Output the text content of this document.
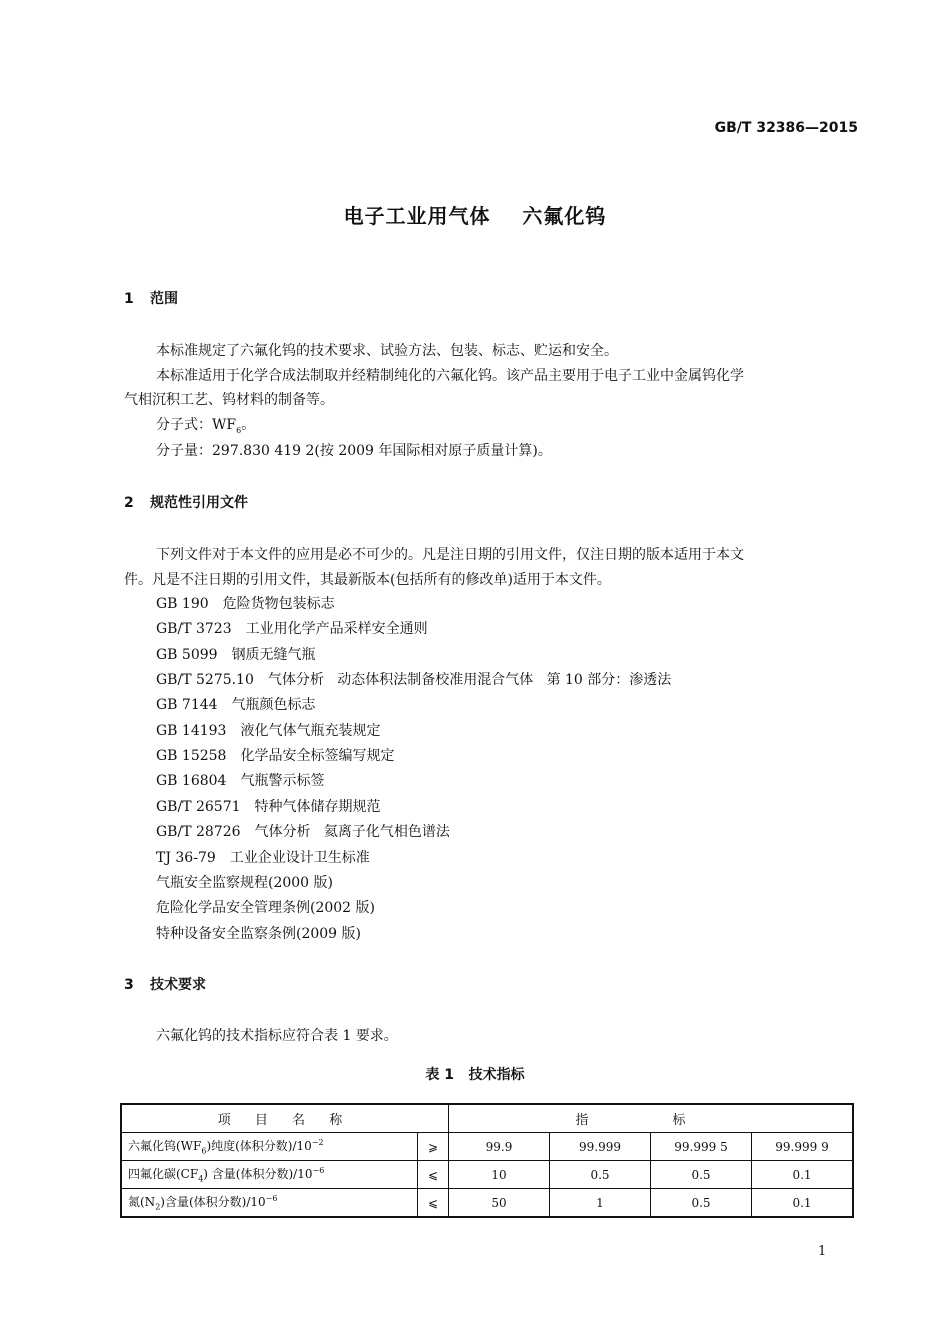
GB/T 32386—2015
电子工业用气体    六氟化钨
1 范围
本标准规定了六氟化钨的技术要求、试验方法、包装、标志、贮运和安全。
本标准适用于化学合成法制取并经精制纯化的六氟化钨。该产品主要用于电子工业中金属钨化学
气相沉积工艺、钨材料的制备等。
分子式：$WF_6$。
分子量：297.830 419 2(按 2009 年国际相对原子质量计算)。
2 规范性引用文件
下列文件对于本文件的应用是必不可少的。凡是注日期的引用文件，仅注日期的版本适用于本文
件。凡是不注日期的引用文件，其最新版本(包括所有的修改单)适用于本文件。
GB 190 危险货物包装标志
GB/T 3723 工业用化学产品采样安全通则
GB 5099 钢质无缝气瓶
GB/T 5275.10 气体分析   动态体积法制备校准用混合气体   第 10 部分：渗透法
GB 7144 气瓶颜色标志
GB 14193 液化气体气瓶充装规定
GB 15258 化学品安全标签编写规定
GB 16804 气瓶警示标签
GB/T 26571 特种气体储存期规范
GB/T 28726 气体分析   氦离子化气相色谱法
TJ 36-79 工业企业设计卫生标准
气瓶安全监察规程(2000 版)
危险化学品安全管理条例(2002 版)
特种设备安全监察条例(2009 版)
3 技术要求
六氟化钨的技术指标应符合表 1 要求。
表 1   技术指标
项 目 名 称		指 标			
六氟化钨$(WF_6)$纯度(体积分数)$/10^{-2}$	⩾	99.9	99.999	99.999 5	99.999 9
四氟化碳$(CF_4)$ 含量(体积分数)$/10^{-6}$	⩽	10	0.5	0.5	0.1
氮$(N_2)$含量(体积分数)$/10^{-6}$	⩽	50	1	0.5	0.1
1
